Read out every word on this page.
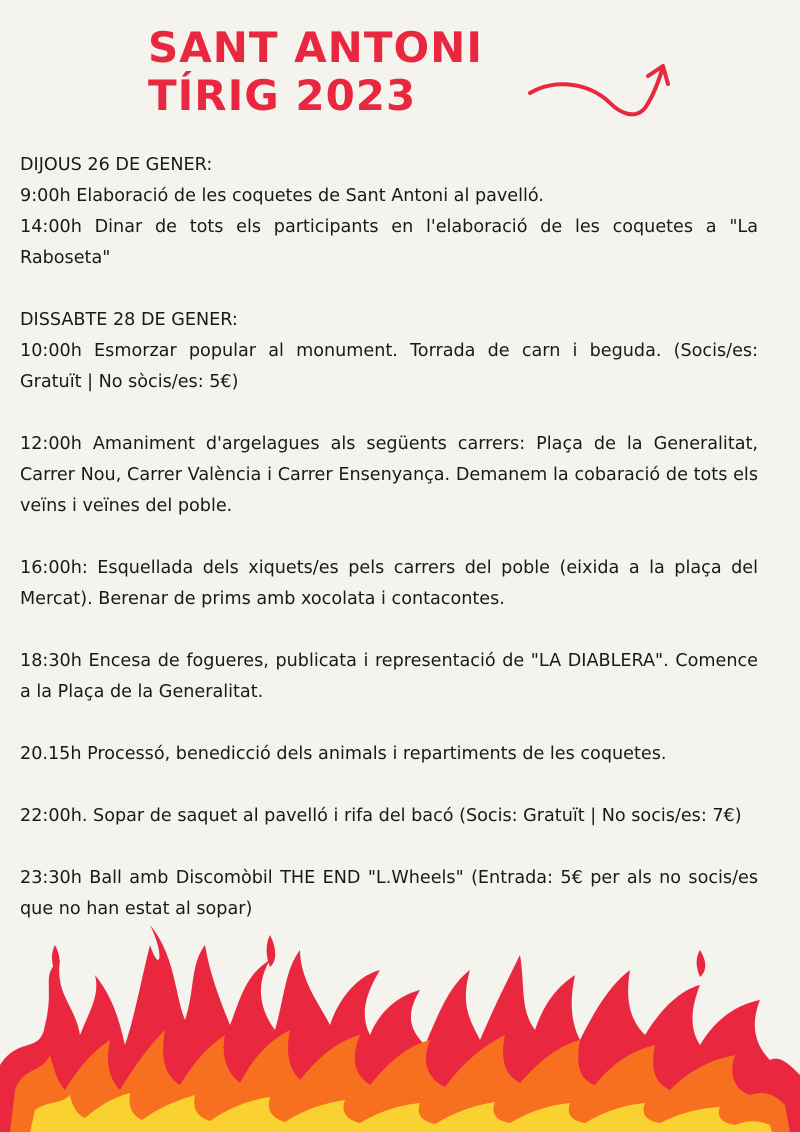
SANT ANTONI
TÍRIG 2023

DIJOUS 26 DE GENER:

9:00h Elaboració de les coquetes de Sant Antoni al pavelló.

14:00h Dinar de tots els participants en l'elaboració de les coquetes a "La Raboseta"

DISSABTE 28 DE GENER:

10:00h Esmorzar popular al monument. Torrada de carn i beguda. (Socis/es: Gratuït | No sòcis/es: 5€)

12:00h Amaniment d'argelagues als següents carrers: Plaça de la Generalitat, Carrer Nou, Carrer València i Carrer Ensenyança. Demanem la cobaració de tots els veïns i veïnes del poble.

16:00h: Esquellada dels xiquets/es pels carrers del poble (eixida a la plaça del Mercat). Berenar de prims amb xocolata i contacontes.

18:30h Encesa de fogueres, publicata i representació de "LA DIABLERA". Comence a la Plaça de la Generalitat.

20.15h Processó, benedicció dels animals i repartiments de les coquetes.

22:00h. Sopar de saquet al pavelló i rifa del bacó (Socis: Gratuït | No socis/es: 7€)

23:30h Ball amb Discomòbil THE END "L.Wheels" (Entrada: 5€ per als no socis/es que no han estat al sopar)
